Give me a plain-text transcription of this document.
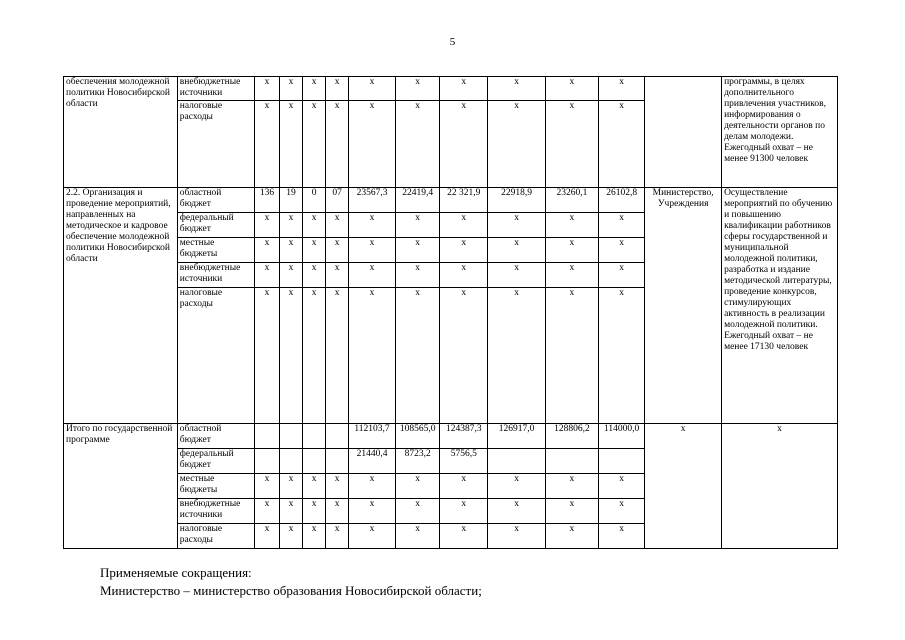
5
обеспечения молодежной политики Новосибирской области	внебюджетные источники	x	x	x	x	x	x	x	x	x	x		программы, в целях дополнительного привлечения участников, информирования о деятельности органов по делам молодежи. Ежегодный охват – не менее 91300 человек
	налоговые расходы	x	x	x	x	x	x	x	x	x	x		
2.2. Организация и проведение мероприятий, направленных на методическое и кадровое обеспечение молодежной политики Новосибирской области	областной бюджет	136	19	0	07	23567,3	22419,4	22 321,9	22918,9	23260,1	26102,8	Министерство, Учреждения	Осуществление мероприятий по обучению и повышению квалификации работников сферы государственной и муниципальной молодежной политики, разработка и издание методической литературы, проведение конкурсов, стимулирующих активность в реализации молодежной политики. Ежегодный охват – не менее 17130 человек
	федеральный бюджет	x	x	x	x	x	x	x	x	x	x		
	местные бюджеты	x	x	x	x	x	x	x	x	x	x		
	внебюджетные источники	x	x	x	x	x	x	x	x	x	x		
	налоговые расходы	x	x	x	x	x	x	x	x	x	x		
Итого по государственной программе	областной бюджет					112103,7	108565,0	124387,3	126917,0	128806,2	114000,0	x	x
	федеральный бюджет					21440,4	8723,2	5756,5					
	местные бюджеты	x	x	x	x	x	x	x	x	x	x		
	внебюджетные источники	x	x	x	x	x	x	x	x	x	x		
	налоговые расходы	x	x	x	x	x	x	x	x	x	x		
Применяемые сокращения:
Министерство – министерство образования Новосибирской области;
